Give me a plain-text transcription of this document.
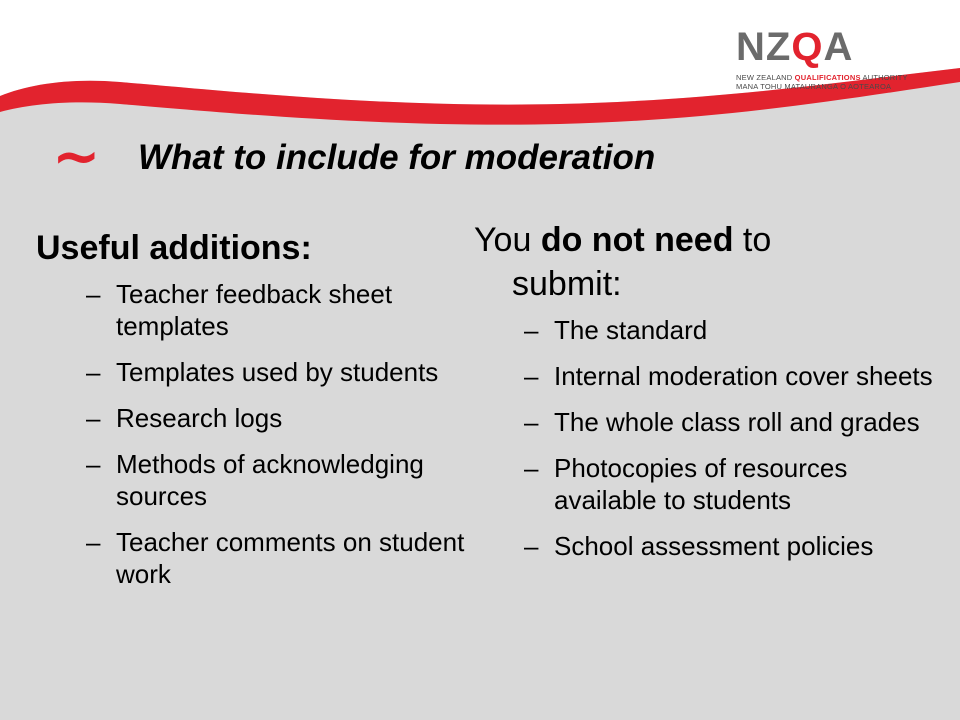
NZQA
NEW ZEALAND QUALIFICATIONS AUTHORITY
MANA TOHU MATAURANGA O AOTEAROA
~ What to include for moderation
Useful additions:
– Teacher feedback sheet templates
– Templates used by students
– Research logs
– Methods of acknowledging sources
– Teacher comments on student work
You do not need to
submit:
– The standard
– Internal moderation cover sheets
– The whole class roll and grades
– Photocopies of resources available to students
– School assessment policies
